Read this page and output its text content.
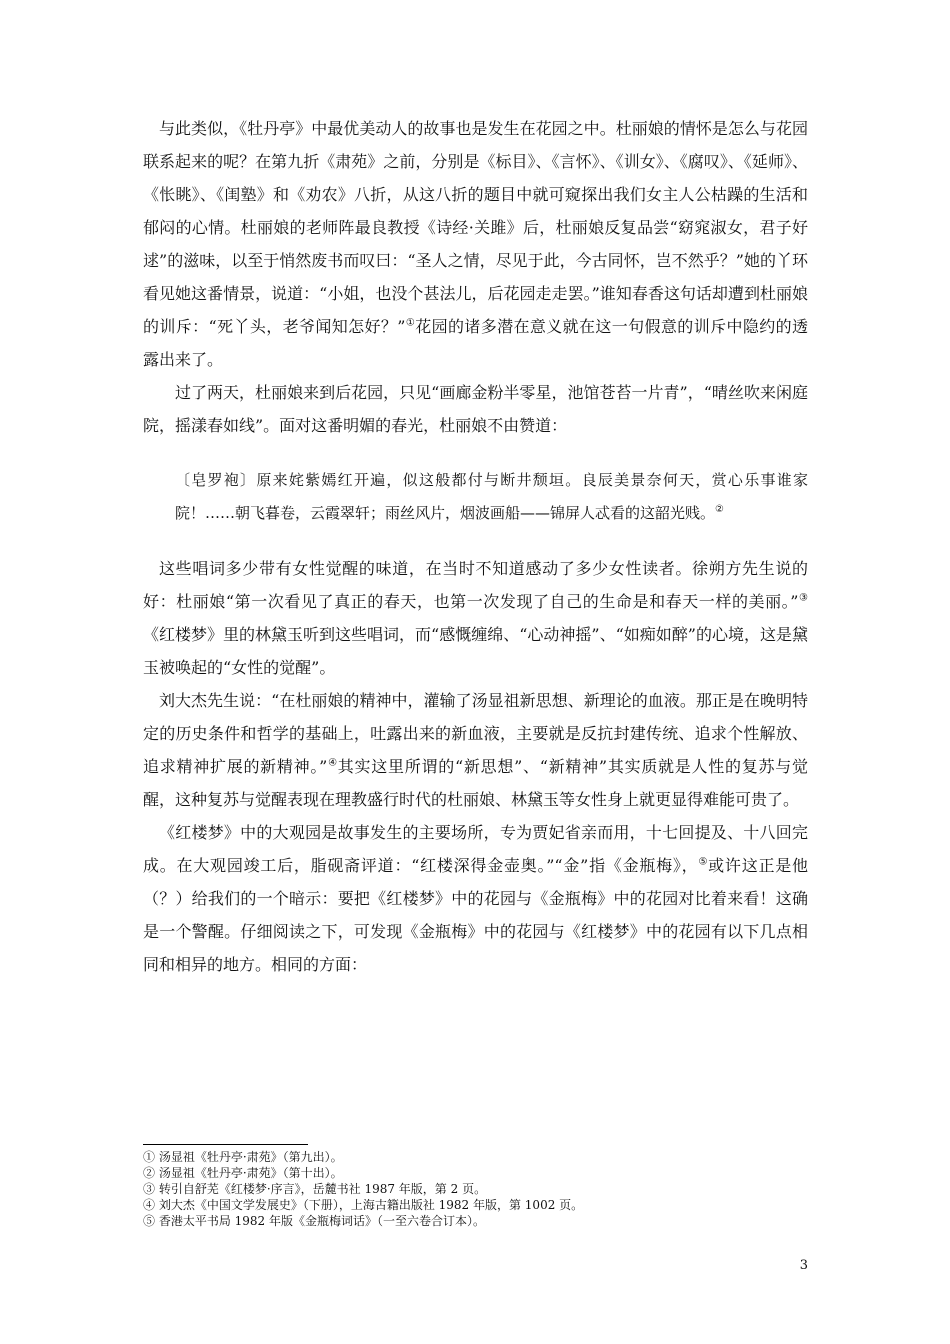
与此类似，《牡丹亭》中最优美动人的故事也是发生在花园之中。杜丽娘的情怀是怎么与花园联系起来的呢？在第九折《肃苑》之前，分别是《标目》、《言怀》、《训女》、《腐叹》、《延师》、《怅眺》、《闺塾》和《劝农》八折，从这八折的题目中就可窥探出我们女主人公枯躁的生活和郁闷的心情。杜丽娘的老师阵最良教授《诗经·关雎》后，杜丽娘反复品尝“窈窕淑女，君子好逑”的滋味，以至于悄然废书而叹曰：“圣人之情，尽见于此，今古同怀，岂不然乎？”她的丫环看见她这番情景，说道：“小姐，也没个甚法儿，后花园走走罢。”谁知春香这句话却遭到杜丽娘的训斥：“死丫头，老爷闻知怎好？”①花园的诸多潜在意义就在这一句假意的训斥中隐约的透露出来了。

过了两天，杜丽娘来到后花园，只见“画廊金粉半零星，池馆苍苔一片青”，“晴丝吹来闲庭院，摇漾春如线”。面对这番明媚的春光，杜丽娘不由赞道：

〔皂罗袍〕原来姹紫嫣红开遍，似这般都付与断井颓垣。良辰美景奈何天，赏心乐事谁家院！……朝飞暮卷，云霞翠轩；雨丝风片，烟波画船——锦屏人忒看的这韶光贱。②

这些唱词多少带有女性觉醒的味道，在当时不知道感动了多少女性读者。徐朔方先生说的好：杜丽娘“第一次看见了真正的春天，也第一次发现了自己的生命是和春天一样的美丽。”③《红楼梦》里的林黛玉听到这些唱词，而“感慨缠绵、“心动神摇”、“如痴如醉”的心境，这是黛玉被唤起的“女性的觉醒”。

刘大杰先生说：“在杜丽娘的精神中，灌输了汤显祖新思想、新理论的血液。那正是在晚明特定的历史条件和哲学的基础上，吐露出来的新血液，主要就是反抗封建传统、追求个性解放、追求精神扩展的新精神。”④其实这里所谓的“新思想”、“新精神”其实质就是人性的复苏与觉醒，这种复苏与觉醒表现在理教盛行时代的杜丽娘、林黛玉等女性身上就更显得难能可贵了。

《红楼梦》中的大观园是故事发生的主要场所，专为贾妃省亲而用，十七回提及、十八回完成。在大观园竣工后，脂砚斋评道：“红楼深得金壶奥。”“金”指《金瓶梅》，⑤或许这正是他（？）给我们的一个暗示：要把《红楼梦》中的花园与《金瓶梅》中的花园对比着来看！这确是一个警醒。仔细阅读之下，可发现《金瓶梅》中的花园与《红楼梦》中的花园有以下几点相同和相异的地方。相同的方面：

① 汤显祖《牡丹亭·肃苑》（第九出）。

② 汤显祖《牡丹亭·肃苑》（第十出）。

③ 转引自舒芜《红楼梦·序言》，岳麓书社 1987 年版，第 2 页。

④ 刘大杰《中国文学发展史》（下册），上海古籍出版社 1982 年版，第 1002 页。

⑤ 香港太平书局 1982 年版《金瓶梅词话》（一至六卷合订本）。

3
